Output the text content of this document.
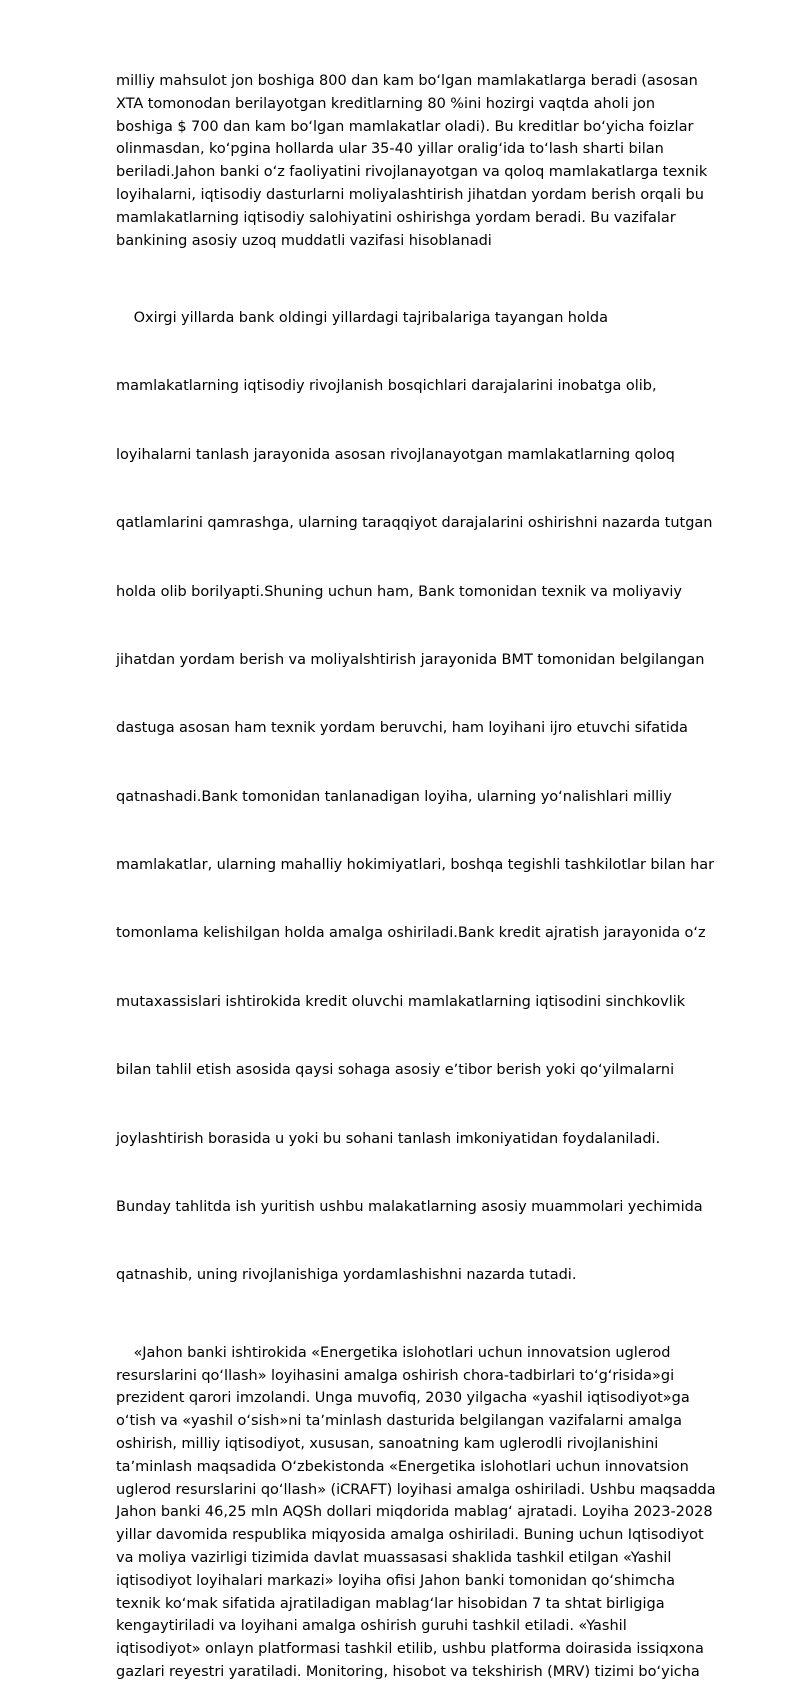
milliy mahsulot jon boshiga 800 dan kam boʻlgan mamlakatlarga beradi (asosan
XTA tomonodan berilayotgan kreditlarning 80 %ini hozirgi vaqtda aholi jon
boshiga $ 700 dan kam boʻlgan mamlakatlar oladi). Bu kreditlar boʻyicha foizlar
olinmasdan, koʻpgina hollarda ular 35-40 yillar oraligʻida toʻlash sharti bilan
beriladi.Jahon banki oʻz faoliyatini rivojlanayotgan va qoloq mamlakatlarga texnik
loyihalarni, iqtisodiy dasturlarni moliyalashtirish jihatdan yordam berish orqali bu
mamlakatlarning iqtisodiy salohiyatini oshirishga yordam beradi. Bu vazifalar
bankining asosiy uzoq muddatli vazifasi hisoblanadi

Oxirgi yillarda bank oldingi yillardagi tajribalariga tayangan holda

mamlakatlarning iqtisodiy rivojlanish bosqichlari darajalarini inobatga olib,

loyihalarni tanlash jarayonida asosan rivojlanayotgan mamlakatlarning qoloq

qatlamlarini qamrashga, ularning taraqqiyot darajalarini oshirishni nazarda tutgan

holda olib borilyapti.Shuning uchun ham, Bank tomonidan texnik va moliyaviy

jihatdan yordam berish va moliyalshtirish jarayonida BMT tomonidan belgilangan

dastuga asosan ham texnik yordam beruvchi, ham loyihani ijro etuvchi sifatida

qatnashadi.Bank tomonidan tanlanadigan loyiha, ularning yoʻnalishlari milliy

mamlakatlar, ularning mahalliy hokimiyatlari, boshqa tegishli tashkilotlar bilan har

tomonlama kelishilgan holda amalga oshiriladi.Bank kredit ajratish jarayonida oʻz

mutaxassislari ishtirokida kredit oluvchi mamlakatlarning iqtisodini sinchkovlik

bilan tahlil etish asosida qaysi sohaga asosiy eʼtibor berish yoki qoʻyilmalarni

joylashtirish borasida u yoki bu sohani tanlash imkoniyatidan foydalaniladi.

Bunday tahlitda ish yuritish ushbu malakatlarning asosiy muammolari yechimida

qatnashib, uning rivojlanishiga yordamlashishni nazarda tutadi.

«Jahon banki ishtirokida «Energetika islohotlari uchun innovatsion uglerod
resurslarini qoʻllash» loyihasini amalga oshirish chora-tadbirlari toʻgʻrisida»gi
prezident qarori imzolandi. Unga muvofiq, 2030 yilgacha «yashil iqtisodiyot»ga
oʻtish va «yashil oʻsish»ni taʼminlash dasturida belgilangan vazifalarni amalga
oshirish, milliy iqtisodiyot, xususan, sanoatning kam uglerodli rivojlanishini
taʼminlash maqsadida Oʻzbekistonda «Energetika islohotlari uchun innovatsion
uglerod resurslarini qoʻllash» (iCRAFT) loyihasi amalga oshiriladi. Ushbu maqsadda
Jahon banki 46,25 mln AQSh dollari miqdorida mablagʻ ajratadi. Loyiha 2023-2028
yillar davomida respublika miqyosida amalga oshiriladi. Buning uchun Iqtisodiyot
va moliya vazirligi tizimida davlat muassasasi shaklida tashkil etilgan «Yashil
iqtisodiyot loyihalari markazi» loyiha ofisi Jahon banki tomonidan qoʻshimcha
texnik koʻmak sifatida ajratiladigan mablagʻlar hisobidan 7 ta shtat birligiga
kengaytiriladi va loyihani amalga oshirish guruhi tashkil etiladi. «Yashil
iqtisodiyot» onlayn platformasi tashkil etilib, ushbu platforma doirasida issiqxona
gazlari reyestri yaratiladi. Monitoring, hisobot va tekshirish (MRV) tizimi boʻyicha
